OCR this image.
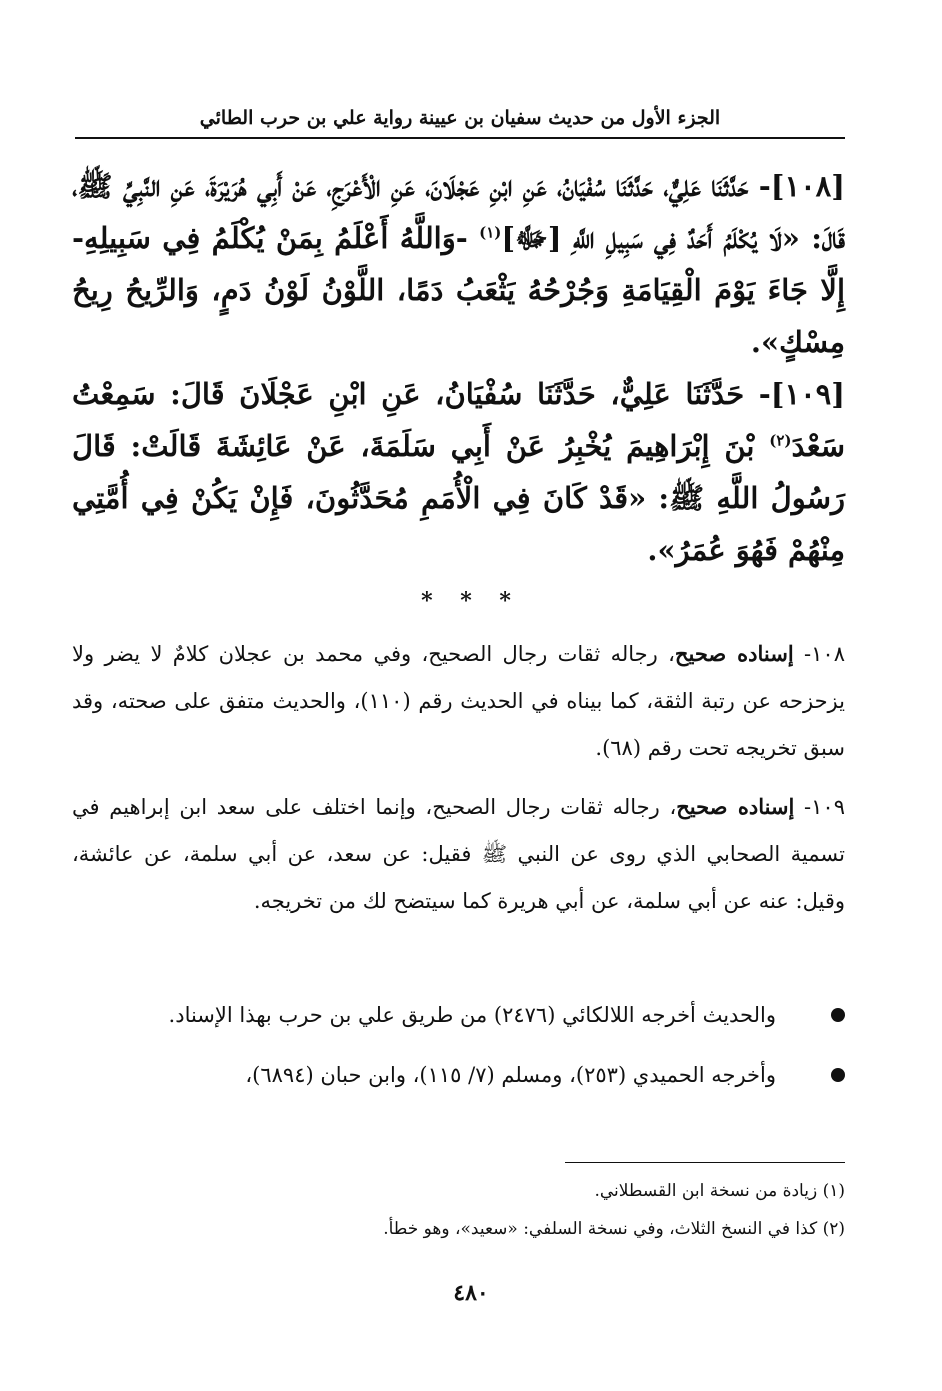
الجزء الأول من حديث سفيان بن عيينة رواية علي بن حرب الطائي

[١٠٨]- حَدَّثَنَا عَلِيٌّ، حَدَّثَنَا سُفْيَانُ، عَنِ ابْنِ عَجْلَانَ، عَنِ الْأَعْرَجِ، عَنْ أَبِي هُرَيْرَةَ، عَنِ النَّبِيِّ ﷺ، قَالَ: «لَا يُكْلَمُ أَحَدٌ فِي سَبِيلِ اللَّهِ [ﷻ]$^{(١)}$ -وَاللَّهُ أَعْلَمُ بِمَنْ يُكْلَمُ فِي سَبِيلِهِ- إِلَّا جَاءَ يَوْمَ الْقِيَامَةِ وَجُرْحُهُ يَثْعَبُ دَمًا، اللَّوْنُ لَوْنُ دَمٍ، وَالرِّيحُ رِيحُ مِسْكٍ».

[١٠٩]- حَدَّثَنَا عَلِيٌّ، حَدَّثَنَا سُفْيَانُ، عَنِ ابْنِ عَجْلَانَ قَالَ: سَمِعْتُ سَعْدَ$^{(٢)}$ بْنَ إِبْرَاهِيمَ يُخْبِرُ عَنْ أَبِي سَلَمَةَ، عَنْ عَائِشَةَ قَالَتْ: قَالَ رَسُولُ اللَّهِ ﷺ: «قَدْ كَانَ فِي الْأُمَمِ مُحَدَّثُونَ، فَإِنْ يَكُنْ فِي أُمَّتِي مِنْهُمْ فَهُوَ عُمَرُ».

* * *

١٠٨- إسناده صحيح، رجاله ثقات رجال الصحيح، وفي محمد بن عجلان كلامٌ لا يضر ولا يزحزحه عن رتبة الثقة، كما بيناه في الحديث رقم (١١٠)، والحديث متفق على صحته، وقد سبق تخريجه تحت رقم (٦٨).

١٠٩- إسناده صحيح، رجاله ثقات رجال الصحيح، وإنما اختلف على سعد ابن إبراهيم في تسمية الصحابي الذي روى عن النبي ﷺ فقيل: عن سعد، عن أبي سلمة، عن عائشة، وقيل: عنه عن أبي سلمة، عن أبي هريرة كما سيتضح لك من تخريجه.

والحديث أخرجه اللالكائي (٢٤٧٦) من طريق علي بن حرب بهذا الإسناد.
وأخرجه الحميدي (٢٥٣)، ومسلم (٧/ ١١٥)، وابن حبان (٦٨٩٤)،

(١) زيادة من نسخة ابن القسطلاني.

(٢) كذا في النسخ الثلاث، وفي نسخة السلفي: «سعيد»، وهو خطأ.

٤٨٠
